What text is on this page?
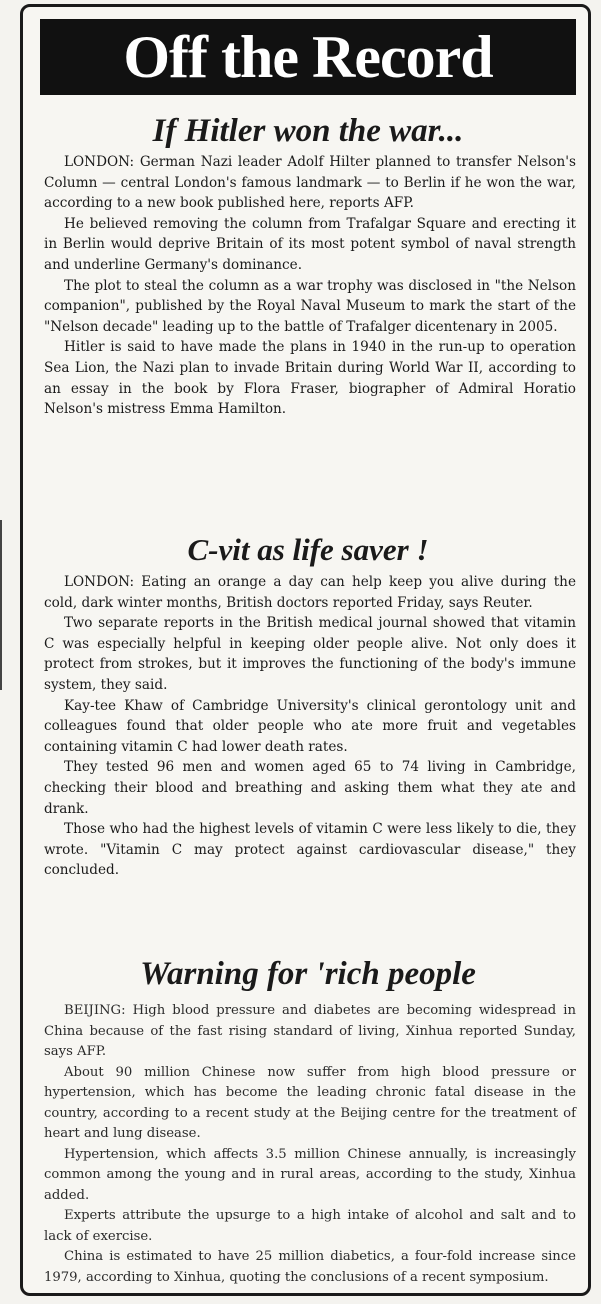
Off the Record
If Hitler won the war...

LONDON: German Nazi leader Adolf Hilter planned to transfer Nelson's Column — central London's famous landmark — to Berlin if he won the war, according to a new book published here, reports AFP.

He believed removing the column from Trafalgar Square and erecting it in Berlin would deprive Britain of its most potent symbol of naval strength and underline Germany's dominance.

The plot to steal the column as a war trophy was disclosed in "the Nelson companion", published by the Royal Naval Museum to mark the start of the "Nelson decade" leading up to the battle of Trafalger dicentenary in 2005.

Hitler is said to have made the plans in 1940 in the run-up to operation Sea Lion, the Nazi plan to invade Britain during World War II, according to an essay in the book by Flora Fraser, biographer of Admiral Horatio Nelson's mistress Emma Hamilton.

C-vit as life saver !

LONDON: Eating an orange a day can help keep you alive during the cold, dark winter months, British doctors reported Friday, says Reuter.

Two separate reports in the British medical journal showed that vitamin C was especially helpful in keeping older people alive. Not only does it protect from strokes, but it improves the functioning of the body's immune system, they said.

Kay-tee Khaw of Cambridge University's clinical gerontology unit and colleagues found that older people who ate more fruit and vegetables containing vitamin C had lower death rates.

They tested 96 men and women aged 65 to 74 living in Cambridge, checking their blood and breathing and asking them what they ate and drank.

Those who had the highest levels of vitamin C were less likely to die, they wrote. "Vitamin C may protect against cardiovascular disease," they concluded.

Warning for 'rich people

BEIJING: High blood pressure and diabetes are becoming widespread in China because of the fast rising standard of living, Xinhua reported Sunday, says AFP.

About 90 million Chinese now suffer from high blood pressure or hypertension, which has become the leading chronic fatal disease in the country, according to a recent study at the Beijing centre for the treatment of heart and lung disease.

Hypertension, which affects 3.5 million Chinese annually, is increasingly common among the young and in rural areas, according to the study, Xinhua added.

Experts attribute the upsurge to a high intake of alcohol and salt and to lack of exercise.

China is estimated to have 25 million diabetics, a four-fold increase since 1979, according to Xinhua, quoting the conclusions of a recent symposium.
